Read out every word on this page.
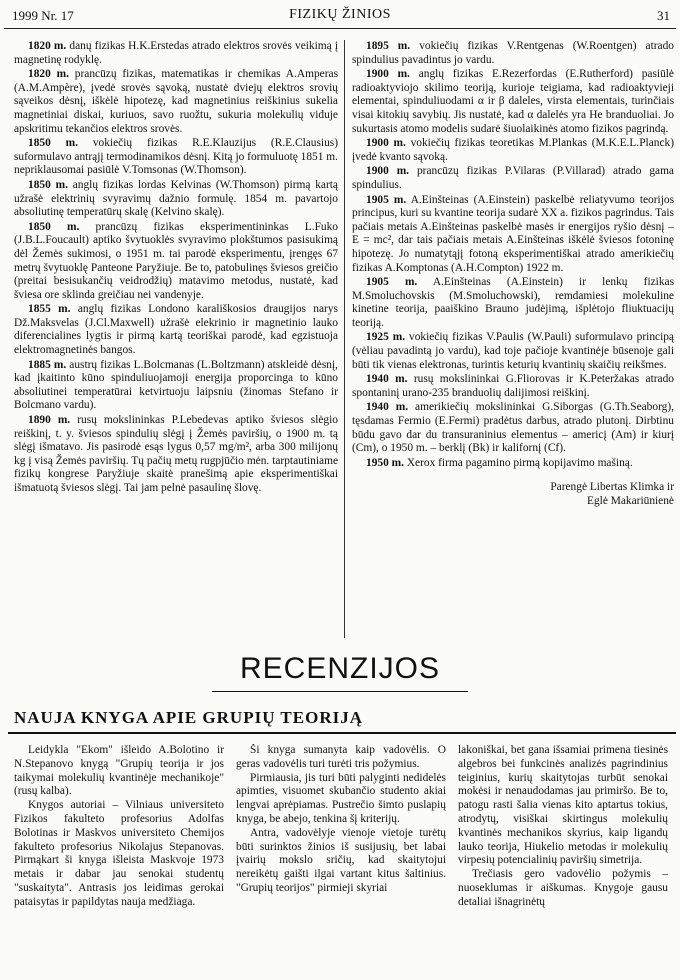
1999 Nr. 17	FIZIKŲ ŽINIOS	31

1820 m. danų fizikas H.K.Erstedas atrado elektros srovės veikimą į magnetinę rodyklę.

1820 m. prancūzų fizikas, matematikas ir chemikas A.Amperas (A.M.Ampère), įvedė srovės sąvoką, nustatė dviejų elektros srovių sąveikos dėsnį, iškėlė hipotezę, kad magnetinius reiškinius sukelia magnetiniai diskai, kuriuos, savo ruožtu, sukuria molekulių viduje apskritimu tekančios elektros srovės.

1850 m. vokiečių fizikas R.E.Klauzijus (R.E.Clausius) suformulavo antrąjį termodinamikos dėsnį. Kitą jo formuluotę 1851 m. nepriklausomai pasiūlė V.Tomsonas (W.Thomson).

1850 m. anglų fizikas lordas Kelvinas (W.Thomson) pirmą kartą užrašė elektrinių svyravimų dažnio formulę. 1854 m. pavartojo absoliutinę temperatūrų skalę (Kelvino skalę).

1850 m. prancūzų fizikas eksperimentininkas L.Fuko (J.B.L.Foucault) aptiko švytuoklės svyravimo plokštumos pasisukimą dėl Žemės sukimosi, o 1951 m. tai parodė eksperimentu, įrengęs 67 metrų švytuoklę Panteone Paryžiuje. Be to, patobulinęs šviesos greičio (preitai besisukančių veidrodžių) matavimo metodus, nustatė, kad šviesa ore sklinda greičiau nei vandenyje.

1855 m. anglų fizikas Londono karališkosios draugijos narys Dž.Maksvelas (J.Cl.Maxwell) užrašė elekrinio ir magnetinio lauko diferencialines lygtis ir pirmą kartą teoriškai parodė, kad egzistuoja elektromagnetinės bangos.

1885 m. austrų fizikas L.Bolcmanas (L.Boltzmann) atskleidė dėsnį, kad įkaitinto kūno spinduliuojamoji energija proporcinga to kūno absoliutinei temperatūrai ketvirtuoju laipsniu (žinomas Stefano ir Bolcmano vardu).

1890 m. rusų mokslininkas P.Lebedevas aptiko šviesos slėgio reiškinį, t. y. šviesos spindulių slėgį į Žemės paviršių, o 1900 m. tą slėgį išmatavo. Jis pasirodė esąs lygus 0,57 mg/m², arba 300 milijonų kg į visą Žemės paviršių. Tų pačių metų rugpjūčio mėn. tarptautiniame fizikų kongrese Paryžiuje skaitė pranešimą apie eksperimentiškai išmatuotą šviesos slėgį. Tai jam pelnė pasaulinę šlovę.

1895 m. vokiečių fizikas V.Rentgenas (W.Roentgen) atrado spindulius pavadintus jo vardu.

1900 m. anglų fizikas E.Rezerfordas (E.Rutherford) pasiūlė radioaktyviojo skilimo teoriją, kurioje teigiama, kad radioaktyvieji elementai, spinduliuodami α ir β daleles, virsta elementais, turinčiais visai kitokių savybių. Jis nustatė, kad α dalelės yra He branduoliai. Jo sukurtasis atomo modelis sudarė šiuolaikinės atomo fizikos pagrindą.

1900 m. vokiečių fizikas teoretikas M.Plankas (M.K.E.L.Planck) įvedė kvanto sąvoką.

1900 m. prancūzų fizikas P.Vilaras (P.Villarad) atrado gama spindulius.

1905 m. A.Einšteinas (A.Einstein) paskelbė reliatyvumo teorijos principus, kuri su kvantine teorija sudarė XX a. fizikos pagrindus. Tais pačiais metais A.Einšteinas paskelbė masės ir energijos ryšio dėsnį – E = mc², dar tais pačiais metais A.Einšteinas iškėlė šviesos fotoninę hipotezę. Jo numatytąjį fotoną eksperimentiškai atrado amerikiečių fizikas A.Komptonas (A.H.Compton) 1922 m.

1905 m. A.Einšteinas (A.Einstein) ir lenkų fizikas M.Smoluchovskis (M.Smoluchowski), remdamiesi molekuline kinetine teorija, paaiškino Brauno judėjimą, išplėtojo fliuktuacijų teoriją.

1925 m. vokiečių fizikas V.Paulis (W.Pauli) suformulavo principą (vėliau pavadintą jo vardu), kad toje pačioje kvantinėje būsenoje gali būti tik vienas elektronas, turintis keturių kvantinių skaičių reikšmes.

1940 m. rusų mokslininkai G.Fliorovas ir K.Peteržakas atrado spontaninį urano-235 branduolių dalijimosi reiškinį.

1940 m. amerikiečių mokslininkai G.Siborgas (G.Th.Seaborg), tęsdamas Fermio (E.Fermi) pradėtus darbus, atrado plutonį. Dirbtinu būdu gavo dar du transuraninius elementus – americį (Am) ir kiurį (Cm), o 1950 m. – berklį (Bk) ir kalifornį (Cf).

1950 m. Xerox firma pagamino pirmą kopijavimo mašiną.

Parengė Libertas Klimka ir
Eglė Makariūnienė
RECENZIJOS
NAUJA KNYGA APIE GRUPIŲ TEORIJĄ

Leidykla "Ekom" išleido A.Bolotino ir N.Stepanovo knygą "Grupių teorija ir jos taikymai molekulių kvantinėje mechanikoje" (rusų kalba).

Knygos autoriai – Vilniaus universiteto Fizikos fakulteto profesorius Adolfas Bolotinas ir Maskvos universiteto Chemijos fakulteto profesorius Nikolajus Stepanovas. Pirmąkart ši knyga išleista Maskvoje 1973 metais ir dabar jau senokai studentų "suskaityta". Antrasis jos leidimas gerokai pataisytas ir papildytas nauja medžiaga.

Ši knyga sumanyta kaip vadovėlis. O geras vadovėlis turi turėti tris požymius.

Pirmiausia, jis turi būti palyginti nedidelės apimties, visuomet skubančio studento akiai lengvai aprėpiamas. Pustrečio šimto puslapių knyga, be abejo, tenkina šį kriterijų.

Antra, vadovėlyje vienoje vietoje turėtų būti surinktos žinios iš susijusių, bet labai įvairių mokslo sričių, kad skaitytojui nereikėtų gaišti ilgai vartant kitus šaltinius. "Grupių teorijos" pirmieji skyriai

lakoniškai, bet gana išsamiai primena tiesinės algebros bei funkcinės analizės pagrindinius teiginius, kurių skaitytojas turbūt senokai mokėsi ir nenaudodamas jau primiršo. Be to, patogu rasti šalia vienas kito aptartus tokius, atrodytų, visiškai skirtingus molekulių kvantinės mechanikos skyrius, kaip ligandų lauko teorija, Hiukelio metodas ir molekulių virpesių potencialinių paviršių simetrija.

Trečiasis gero vadovėlio požymis – nuoseklumas ir aiškumas. Knygoje gausu detaliai išnagrinėtų
